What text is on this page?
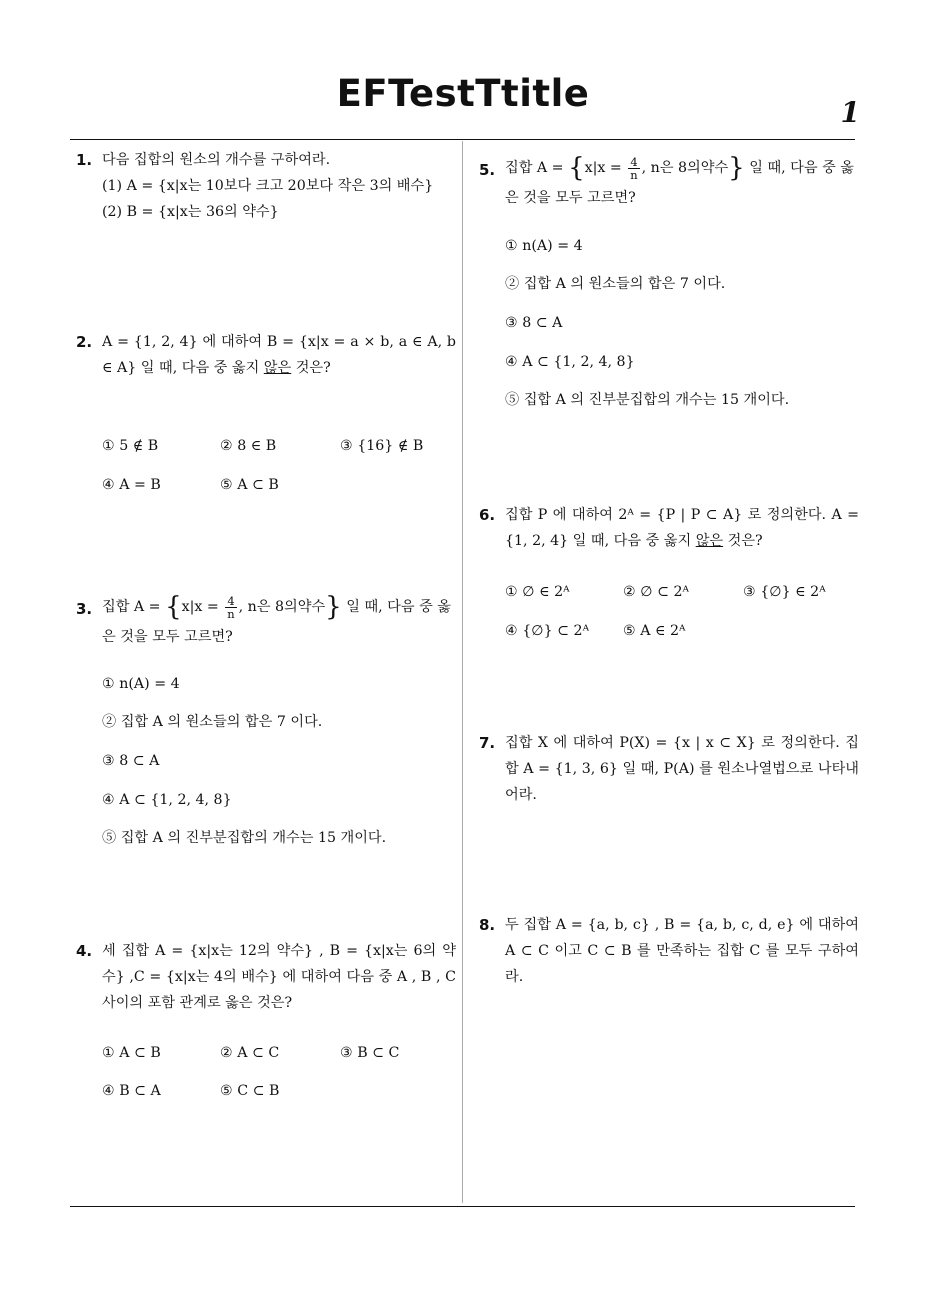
EFTestTtitle	1
1. 다음 집합의 원소의 개수를 구하여라.
(1) A = {x|x는 10보다 크고 20보다 작은 3의 배수}
(2) B = {x|x는 36의 약수}
2. A = {1, 2, 4} 에 대하여 B = {x|x = a × b, a ∈ A, b ∈ A} 일 때, 다음 중 옳지 않은 것은?
① 5 ∉ B	② 8 ∈ B	③ {16} ∉ B
④ A = B	⑤ A ⊂ B
3. 집합 $A = \{x|x = \frac{4}{n}$ , n은 8의약수} 일 때, 다음 중 옳은 것을 모두 고르면?
① n(A) = 4
② 집합 A 의 원소들의 합은 7 이다.
③ 8 ⊂ A
④ A ⊂ {1, 2, 4, 8}
⑤ 집합 A 의 진부분집합의 개수는 15 개이다.
4. 세 집합 A = {x|x는 12의 약수} , B = {x|x는 6의 약수} ,C = {x|x는 4의 배수} 에 대하여 다음 중 A , B , C 사이의 포함 관계로 옳은 것은?
① A ⊂ B	② A ⊂ C	③ B ⊂ C
④ B ⊂ A	⑤ C ⊂ B
5. 집합 $A = \{x|x = \frac{4}{n}$ , n은 8의약수} 일 때, 다음 중 옳은 것을 모두 고르면?
① n(A) = 4
② 집합 A 의 원소들의 합은 7 이다.
③ 8 ⊂ A
④ A ⊂ {1, 2, 4, 8}
⑤ 집합 A 의 진부분집합의 개수는 15 개이다.
6. 집합 P 에 대하여 2ᴬ = {P | P ⊂ A} 로 정의한다. A = {1, 2, 4} 일 때, 다음 중 옳지 않은 것은?
① ∅ ∈ 2ᴬ	② ∅ ⊂ 2ᴬ	③ {∅} ∈ 2ᴬ
④ {∅} ⊂ 2ᴬ ⑤ A ∈ 2ᴬ
7. 집합 X 에 대하여 P(X) = {x | x ⊂ X} 로 정의한다. 집합 A = {1, 3, 6} 일 때, P(A) 를 원소나열법으로 나타내어라.
8. 두 집합 A = {a, b, c} , B = {a, b, c, d, e} 에 대하여 A ⊂ C 이고 C ⊂ B 를 만족하는 집합 C 를 모두 구하여라.
